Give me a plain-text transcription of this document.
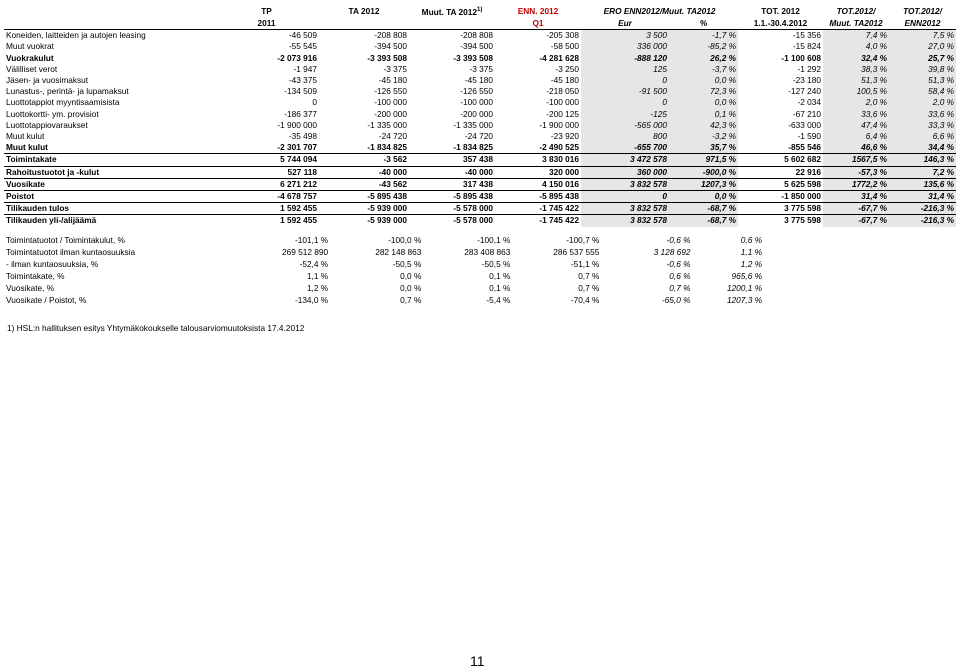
	TP	TA 2012	Muut. TA 2012$^{1)}$	ENN. 2012	ERO ENN2012/Muut. TA2012		TOT. 2012	TOT.2012/	TOT.2012/
	2011			Q1	Eur	%	1.1.-30.4.2012	Muut. TA2012	ENN2012
Koneiden, laitteiden ja autojen leasing	-46 509	-208 808	-208 808	-205 308	3 500	-1,7 %	-15 356	7,4 %	7,5 %
Muut vuokrat	-55 545	-394 500	-394 500	-58 500	336 000	-85,2 %	-15 824	4,0 %	27,0 %
Vuokrakulut	-2 073 916	-3 393 508	-3 393 508	-4 281 628	-888 120	26,2 %	-1 100 608	32,4 %	25,7 %
Välilliset verot	-1 947	-3 375	-3 375	-3 250	125	-3,7 %	-1 292	38,3 %	39,8 %
Jäsen- ja vuosimaksut	-43 375	-45 180	-45 180	-45 180	0	0,0 %	-23 180	51,3 %	51,3 %
Lunastus-, perintä- ja lupamaksut	-134 509	-126 550	-126 550	-218 050	-91 500	72,3 %	-127 240	100,5 %	58,4 %
Luottotappiot myyntisaamisista	0	-100 000	-100 000	-100 000	0	0,0 %	-2 034	2,0 %	2,0 %
Luottokortti- ym. provisiot	-186 377	-200 000	-200 000	-200 125	-125	0,1 %	-67 210	33,6 %	33,6 %
Luottotappiovaraukset	-1 900 000	-1 335 000	-1 335 000	-1 900 000	-565 000	42,3 %	-633 000	47,4 %	33,3 %
Muut kulut	-35 498	-24 720	-24 720	-23 920	800	-3,2 %	-1 590	6,4 %	6,6 %
Muut kulut	-2 301 707	-1 834 825	-1 834 825	-2 490 525	-655 700	35,7 %	-855 546	46,6 %	34,4 %
Toimintakate	5 744 094	-3 562	357 438	3 830 016	3 472 578	971,5 %	5 602 682	1567,5 %	146,3 %
Rahoitustuotot ja -kulut	527 118	-40 000	-40 000	320 000	360 000	-900,0 %	22 916	-57,3 %	7,2 %
Vuosikate	6 271 212	-43 562	317 438	4 150 016	3 832 578	1207,3 %	5 625 598	1772,2 %	135,6 %
Poistot	-4 678 757	-5 895 438	-5 895 438	-5 895 438	0	0,0 %	-1 850 000	31,4 %	31,4 %
Tilikauden tulos	1 592 455	-5 939 000	-5 578 000	-1 745 422	3 832 578	-68,7 %	3 775 598	-67,7 %	-216,3 %
Tilikauden yli-/alijäämä	1 592 455	-5 939 000	-5 578 000	-1 745 422	3 832 578	-68,7 %	3 775 598	-67,7 %	-216,3 %
Toimintatuotot / Toimintakulut, %	-101,1 %	-100,0 %	-100,1 %	-100,7 %	-0,6 %	0,6 %
Toimintatuotot ilman kuntaosuuksia	269 512 890	282 148 863	283 408 863	286 537 555	3 128 692	1,1 %
- ilman kuntaosuuksia, %	-52,4 %	-50,5 %	-50,5 %	-51,1 %	-0,6 %	1,2 %
Toimintakate, %	1,1 %	0,0 %	0,1 %	0,7 %	0,6 %	965,6 %
Vuosikate, %	1,2 %	0,0 %	0,1 %	0,7 %	0,7 %	1200,1 %
Vuosikate / Poistot, %	-134,0 %	0,7 %	-5,4 %	-70,4 %	-65,0 %	1207,3 %
1) HSL:n hallituksen esitys Yhtymäkokoukselle talousarviomuutoksista 17.4.2012
11
